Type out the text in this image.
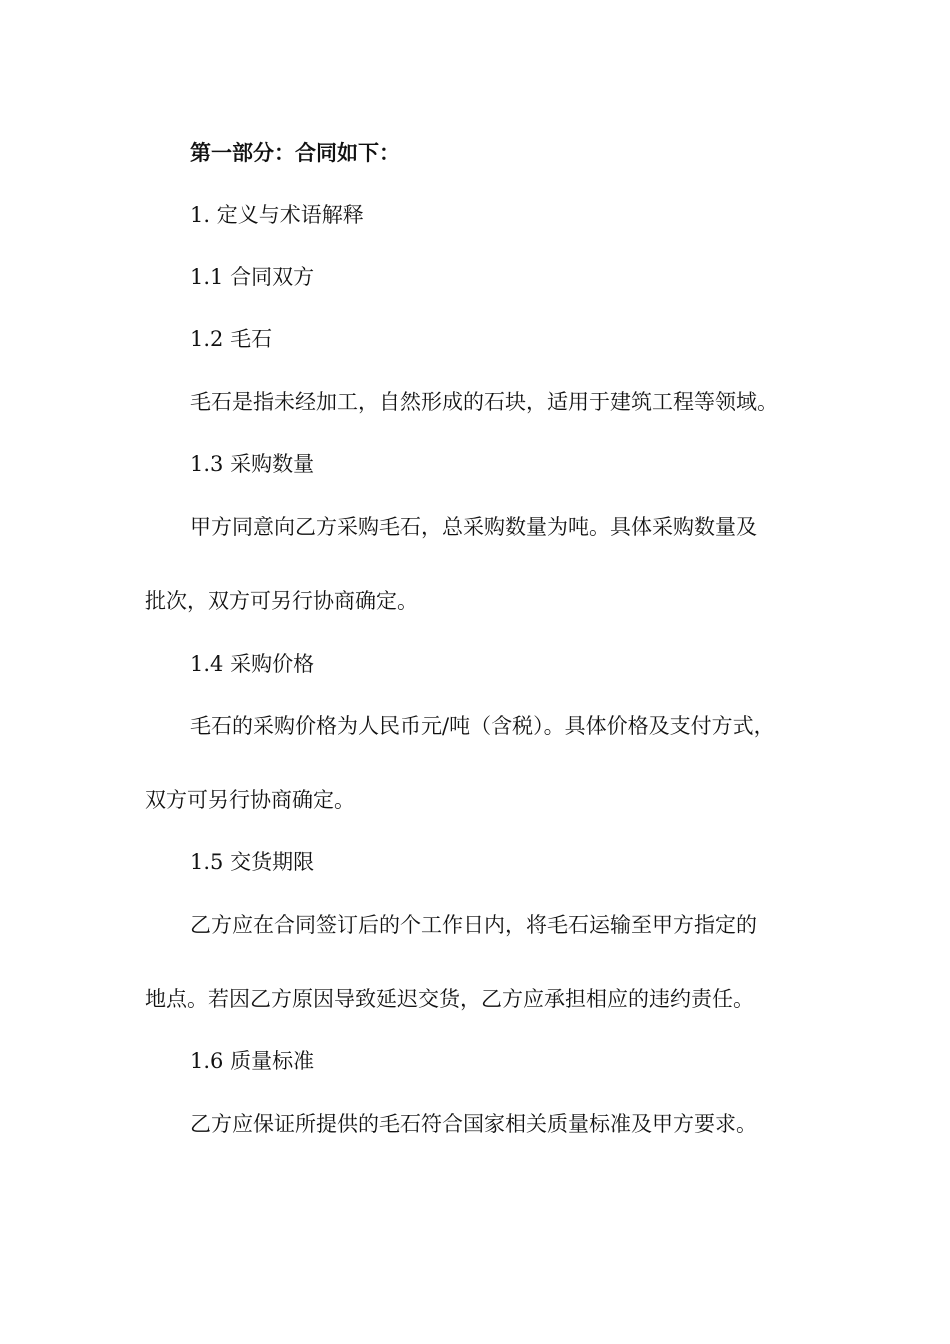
第一部分：合同如下：
1. 定义与术语解释
1.1 合同双方
1.2 毛石
毛石是指未经加工，自然形成的石块，适用于建筑工程等领域。
1.3 采购数量
甲方同意向乙方采购毛石，总采购数量为吨。具体采购数量及
批次，双方可另行协商确定。
1.4 采购价格
毛石的采购价格为人民币元/吨（含税）。具体价格及支付方式，
双方可另行协商确定。
1.5 交货期限
乙方应在合同签订后的个工作日内，将毛石运输至甲方指定的
地点。若因乙方原因导致延迟交货，乙方应承担相应的违约责任。
1.6 质量标准
乙方应保证所提供的毛石符合国家相关质量标准及甲方要求。
